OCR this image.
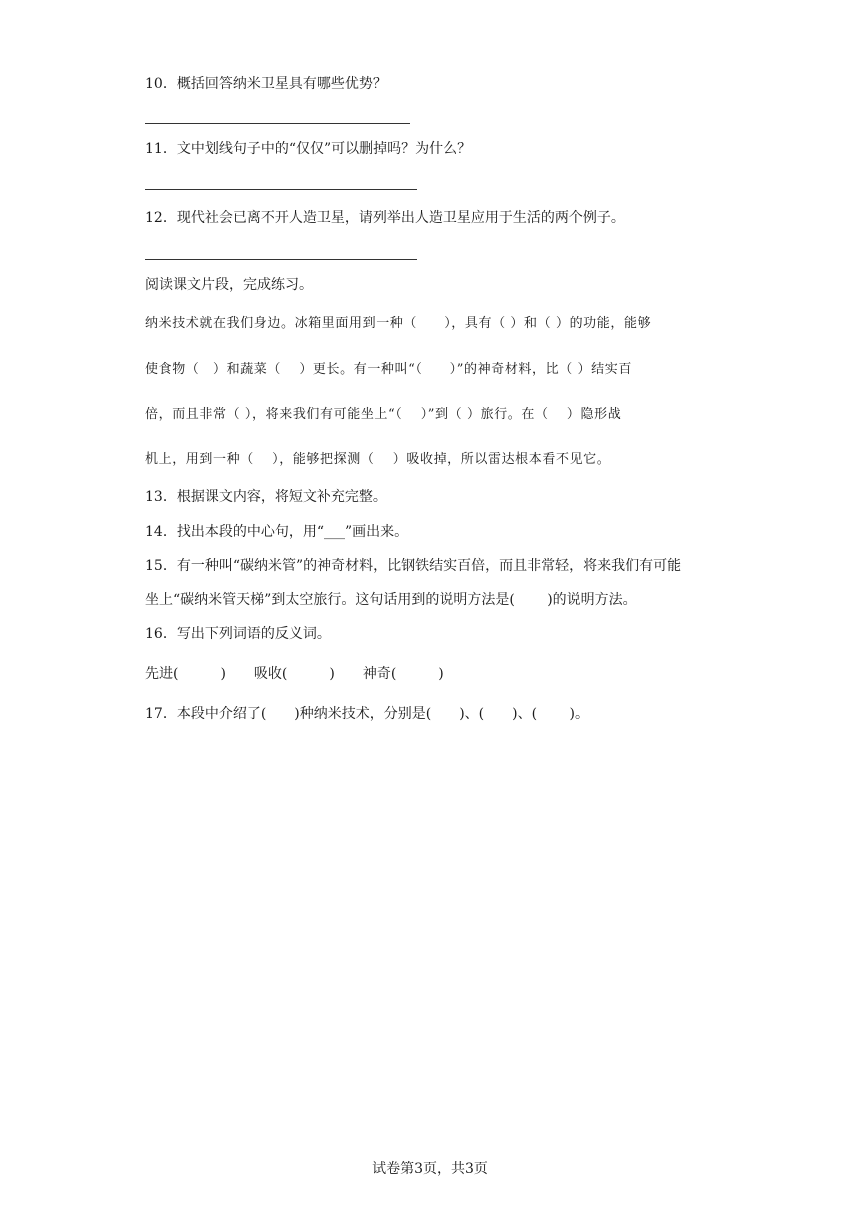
10．概括回答纳米卫星具有哪些优势？
11．文中划线句子中的“仅仅”可以删掉吗？为什么？
12．现代社会已离不开人造卫星，请列举出人造卫星应用于生活的两个例子。
阅读课文片段，完成练习。
纳米技术就在我们身边。冰箱里面用到一种（　　），具有（ ）和（ ）的功能，能够
使食物（　）和蔬菜（　 ）更长。有一种叫“（　　）”的神奇材料，比（ ）结实百
倍，而且非常（ ），将来我们有可能坐上“（　 ）”到（ ）旅行。在（　 ）隐形战
机上，用到一种（　 ），能够把探测（　 ）吸收掉，所以雷达根本看不见它。
13．根据课文内容，将短文补充完整。
14．找出本段的中心句，用“___”画出来。
15．有一种叫“碳纳米管”的神奇材料，比钢铁结实百倍，而且非常轻，将来我们有可能
坐上“碳纳米管天梯”到太空旅行。这句话用到的说明方法是(　　 )的说明方法。
16．写出下列词语的反义词。
先进(　　　)　　吸收(　　　)　　神奇(　　　)
17．本段中介绍了(　　)种纳米技术，分别是(　　)、(　　)、(　　 )。
试卷第3页，共3页
